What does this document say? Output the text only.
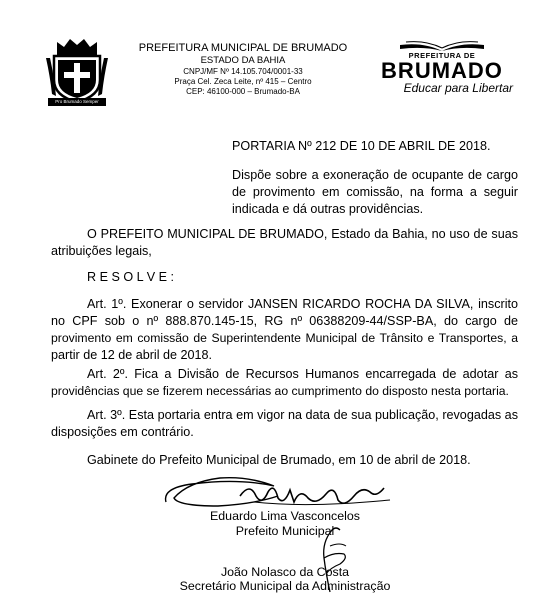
Pro Brumado Semper
PREFEITURA MUNICIPAL DE BRUMADO
ESTADO DA BAHIA
CNPJ/MF Nº 14.105.704/0001-33
Praça Cel. Zeca Leite, nº 415 – Centro
CEP: 46100-000 – Brumado-BA
PREFEITURA DE
BRUMADO
Educar para Libertar
PORTARIA Nº 212 DE 10 DE ABRIL DE 2018.
Dispõe sobre a exoneração de ocupante de cargo
de provimento em comissão, na forma a seguir
indicada e dá outras providências.
O PREFEITO MUNICIPAL DE BRUMADO, Estado da Bahia, no uso de suas
atribuições legais,
R E S O L V E :
Art. 1º. Exonerar o servidor JANSEN RICARDO ROCHA DA SILVA, inscrito
no CPF sob o nº 888.870.145-15, RG nº 06388209-44/SSP-BA, do cargo de
provimento em comissão de Superintendente Municipal de Trânsito e Transportes, a
partir de 12 de abril de 2018.
Art. 2º. Fica a Divisão de Recursos Humanos encarregada de adotar as
providências que se fizerem necessárias ao cumprimento do disposto nesta portaria.
Art. 3º. Esta portaria entra em vigor na data de sua publicação, revogadas as
disposições em contrário.
Gabinete do Prefeito Municipal de Brumado, em 10 de abril de 2018.
Eduardo Lima Vasconcelos
Prefeito Municipal
João Nolasco da Costa
Secretário Municipal da Administração
